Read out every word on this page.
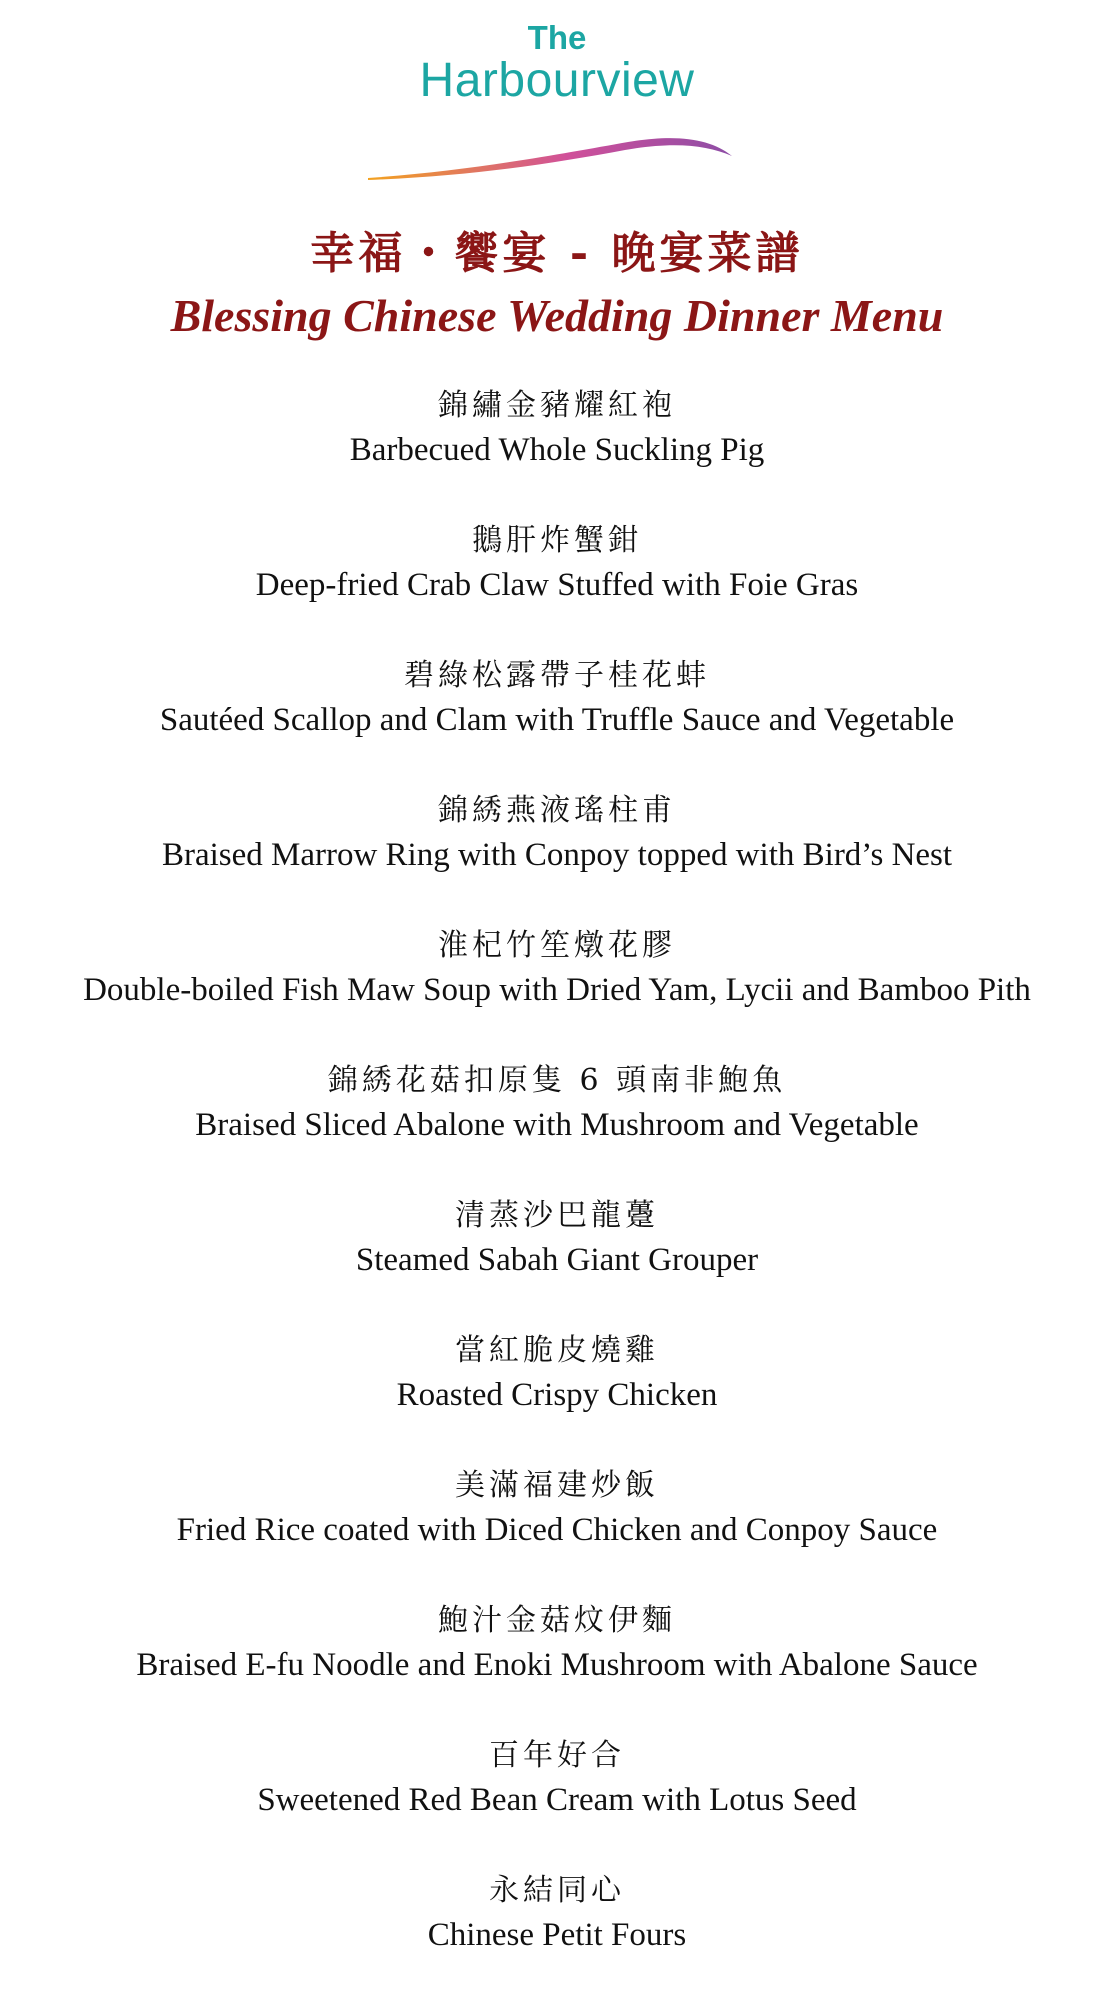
The
Harbourview
幸福・饗宴 - 晚宴菜譜
Blessing Chinese Wedding Dinner Menu
錦繡金豬耀紅袍
Barbecued Whole Suckling Pig
鵝肝炸蟹鉗
Deep-fried Crab Claw Stuffed with Foie Gras
碧綠松露帶子桂花蚌
Sautéed Scallop and Clam with Truffle Sauce and Vegetable
錦綉燕液瑤柱甫
Braised Marrow Ring with Conpoy topped with Bird’s Nest
淮杞竹笙燉花膠
Double-boiled Fish Maw Soup with Dried Yam, Lycii and Bamboo Pith
錦綉花菇扣原隻 6 頭南非鮑魚
Braised Sliced Abalone with Mushroom and Vegetable
清蒸沙巴龍躉
Steamed Sabah Giant Grouper
當紅脆皮燒雞
Roasted Crispy Chicken
美滿福建炒飯
Fried Rice coated with Diced Chicken and Conpoy Sauce
鮑汁金菇炆伊麵
Braised E-fu Noodle and Enoki Mushroom with Abalone Sauce
百年好合
Sweetened Red Bean Cream with Lotus Seed
永結同心
Chinese Petit Fours
